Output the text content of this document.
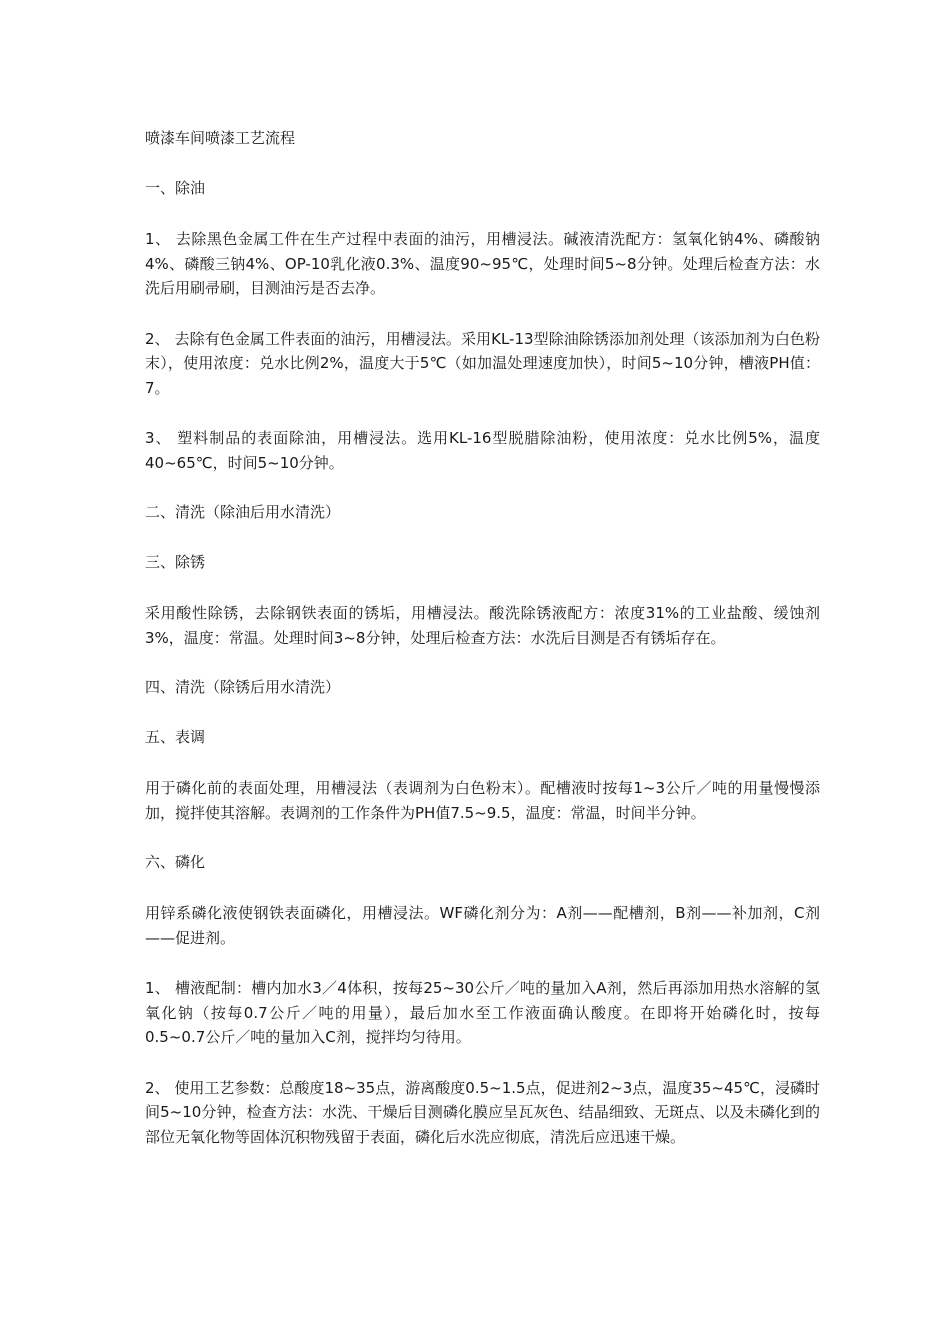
喷漆车间喷漆工艺流程
一、除油
1、 去除黑色金属工件在生产过程中表面的油污，用槽浸法。碱液清洗配方：氢氧化钠4%、磷酸钠4%、磷酸三钠4%、OP-10乳化液0.3%、温度90~95℃，处理时间5~8分钟。处理后检查方法：水洗后用刷帚刷，目测油污是否去净。
2、 去除有色金属工件表面的油污，用槽浸法。采用KL-13型除油除锈添加剂处理（该添加剂为白色粉末），使用浓度：兑水比例2%，温度大于5℃（如加温处理速度加快），时间5~10分钟，槽液PH值：7。
3、 塑料制品的表面除油，用槽浸法。选用KL-16型脱腊除油粉，使用浓度：兑水比例5%，温度40~65℃，时间5~10分钟。
二、清洗（除油后用水清洗）
三、除锈
采用酸性除锈，去除钢铁表面的锈垢，用槽浸法。酸洗除锈液配方：浓度31%的工业盐酸、缓蚀剂3%，温度：常温。处理时间3~8分钟，处理后检查方法：水洗后目测是否有锈垢存在。
四、清洗（除锈后用水清洗）
五、表调
用于磷化前的表面处理，用槽浸法（表调剂为白色粉末）。配槽液时按每1~3公斤／吨的用量慢慢添加，搅拌使其溶解。表调剂的工作条件为PH值7.5~9.5，温度：常温，时间半分钟。
六、磷化
用锌系磷化液使钢铁表面磷化，用槽浸法。WF磷化剂分为：A剂——配槽剂，B剂——补加剂，C剂——促进剂。
1、 槽液配制：槽内加水3／4体积，按每25~30公斤／吨的量加入A剂，然后再添加用热水溶解的氢氧化钠（按每0.7公斤／吨的用量），最后加水至工作液面确认酸度。在即将开始磷化时，按每0.5~0.7公斤／吨的量加入C剂，搅拌均匀待用。
2、 使用工艺参数：总酸度18~35点，游离酸度0.5~1.5点，促进剂2~3点，温度35~45℃，浸磷时间5~10分钟，检查方法：水洗、干燥后目测磷化膜应呈瓦灰色、结晶细致、无斑点、以及未磷化到的部位无氧化物等固体沉积物残留于表面，磷化后水洗应彻底，清洗后应迅速干燥。
